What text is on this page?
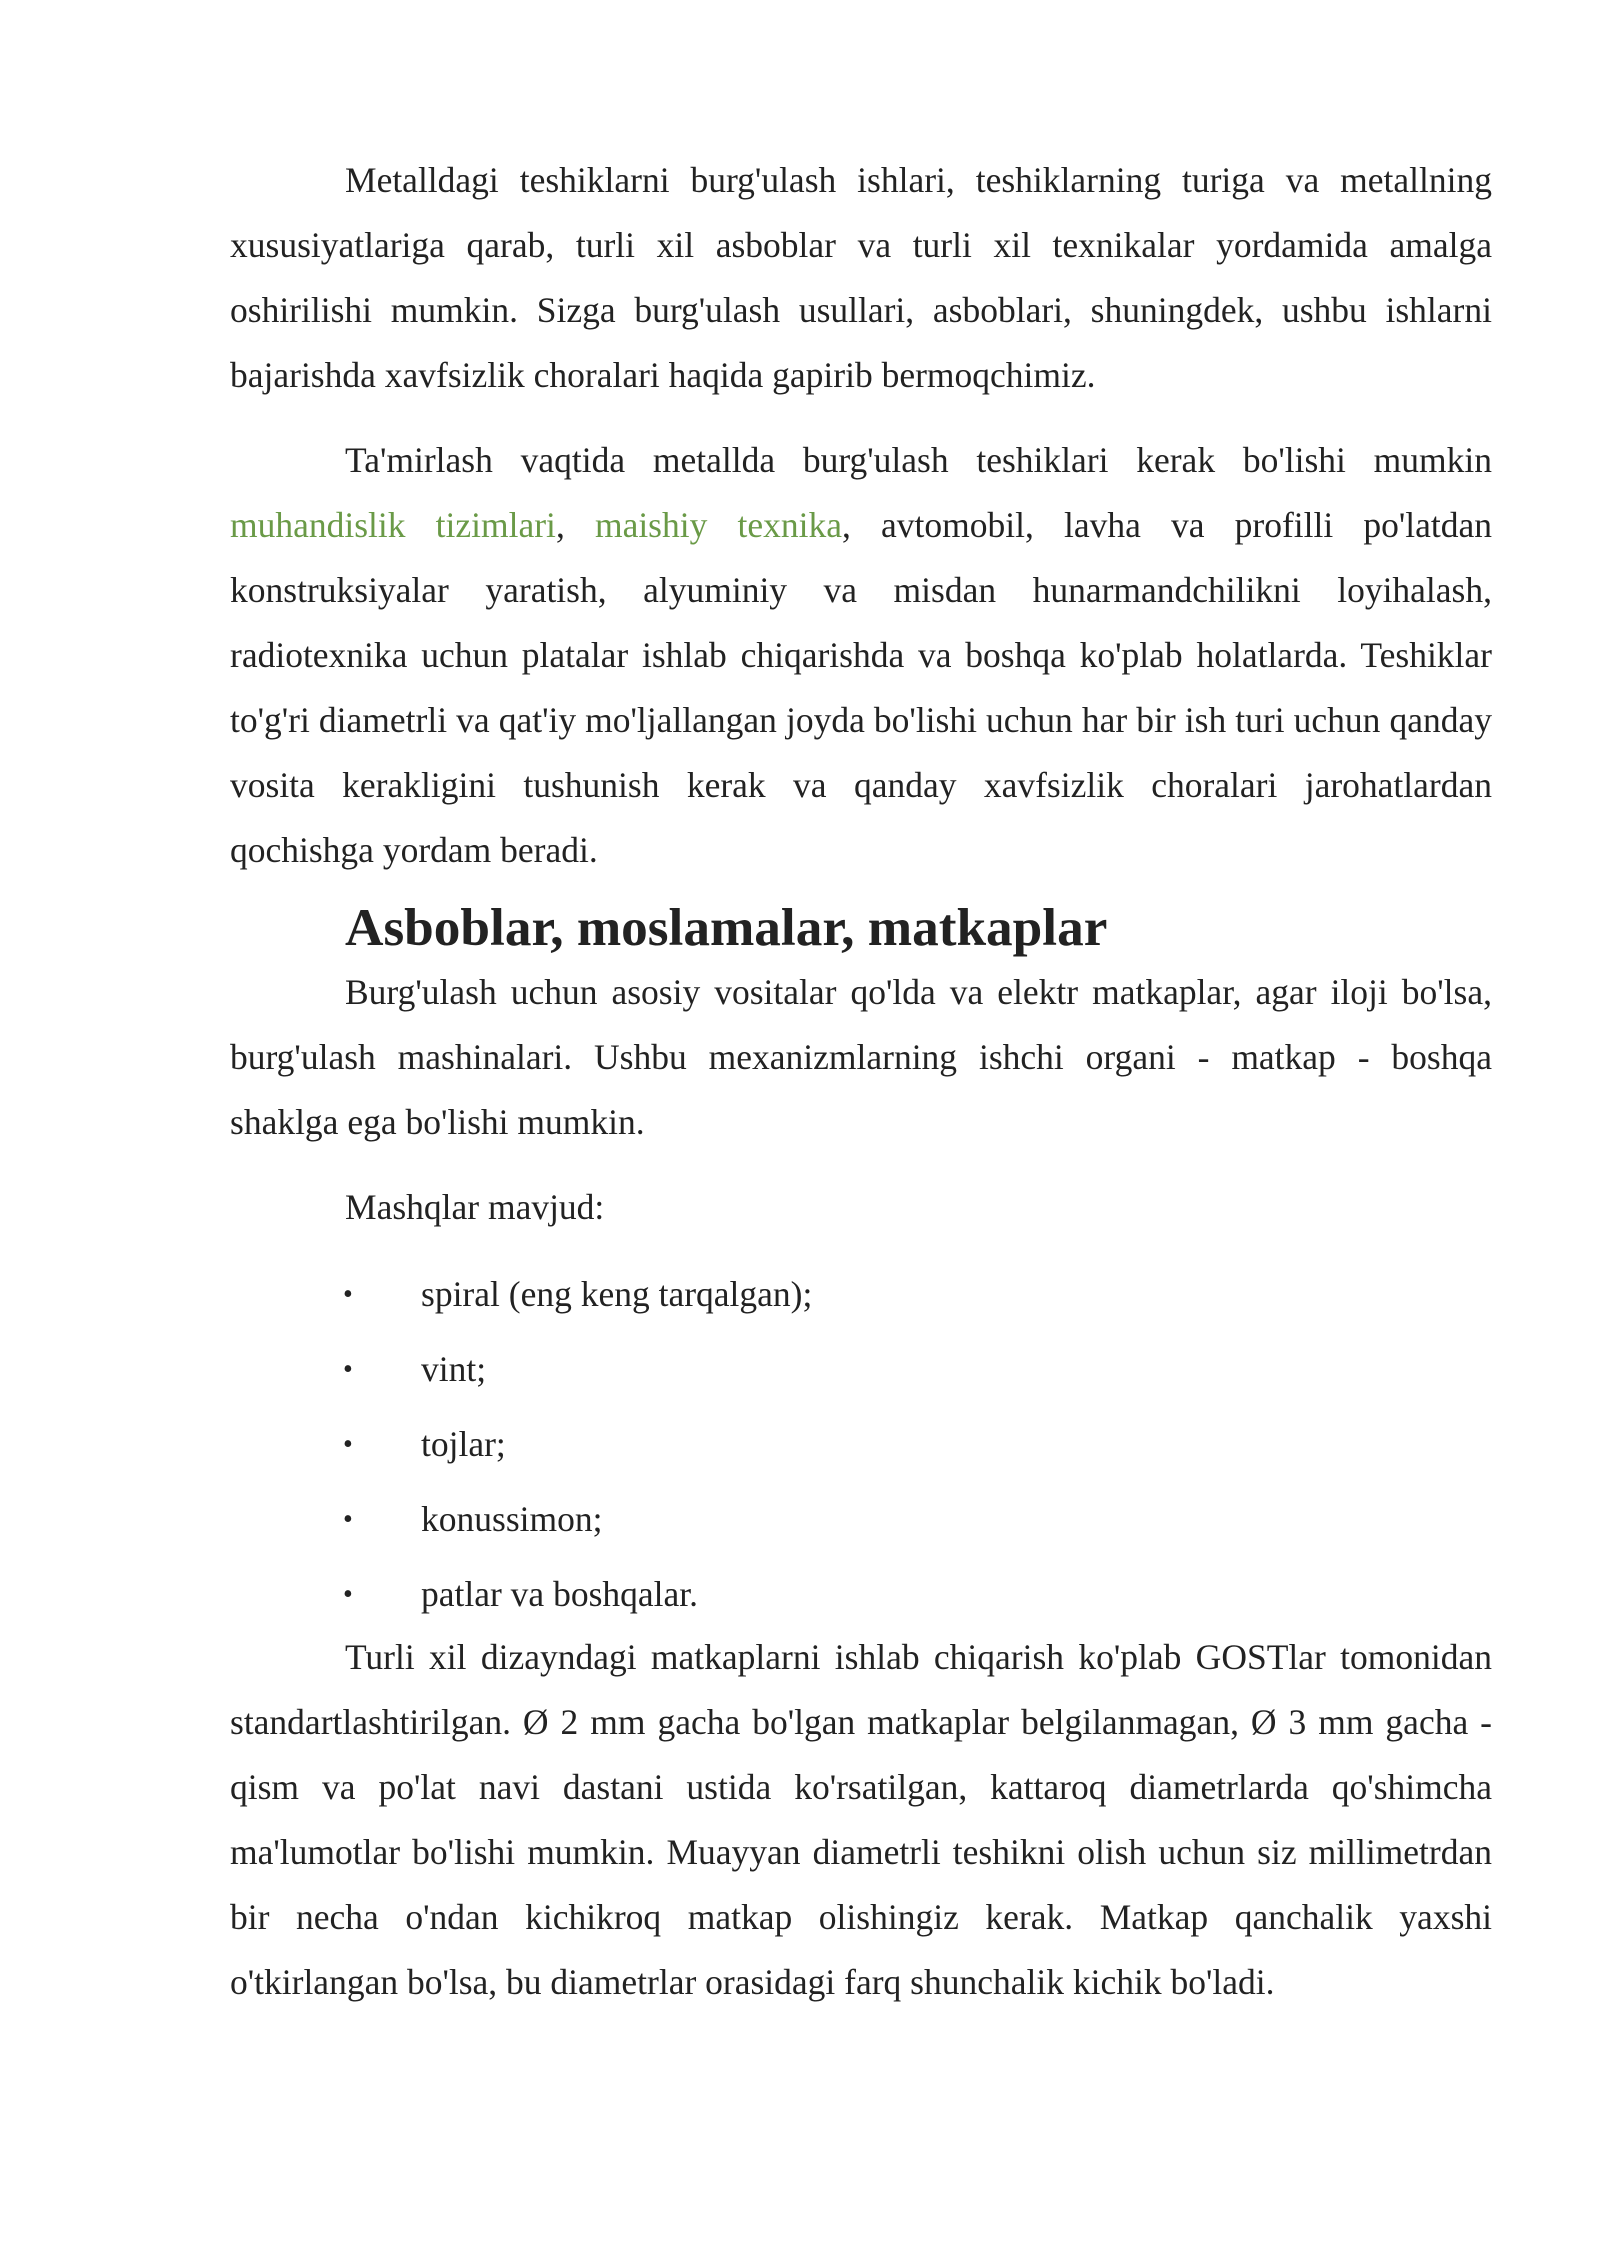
Metalldagi teshiklarni burg'ulash ishlari, teshiklarning turiga va metallning xususiyatlariga qarab, turli xil asboblar va turli xil texnikalar yordamida amalga oshirilishi mumkin. Sizga burg'ulash usullari, asboblari, shuningdek, ushbu ishlarni bajarishda xavfsizlik choralari haqida gapirib bermoqchimiz.

Ta'mirlash vaqtida metallda burg'ulash teshiklari kerak bo'lishi mumkin muhandislik tizimlari, maishiy texnika, avtomobil, lavha va profilli po'latdan konstruksiyalar yaratish, alyuminiy va misdan hunarmandchilikni loyihalash, radiotexnika uchun platalar ishlab chiqarishda va boshqa ko'plab holatlarda. Teshiklar to'g'ri diametrli va qat'iy mo'ljallangan joyda bo'lishi uchun har bir ish turi uchun qanday vosita kerakligini tushunish kerak va qanday xavfsizlik choralari jarohatlardan qochishga yordam beradi.

Asboblar, moslamalar, matkaplar

Burg'ulash uchun asosiy vositalar qo'lda va elektr matkaplar, agar iloji bo'lsa, burg'ulash mashinalari. Ushbu mexanizmlarning ishchi organi - matkap - boshqa shaklga ega bo'lishi mumkin.

Mashqlar mavjud:

• spiral (eng keng tarqalgan);
• vint;
• tojlar;
• konussimon;
• patlar va boshqalar.

Turli xil dizayndagi matkaplarni ishlab chiqarish ko'plab GOSTlar tomonidan standartlashtirilgan. Ø 2 mm gacha bo'lgan matkaplar belgilanmagan, Ø 3 mm gacha - qism va po'lat navi dastani ustida ko'rsatilgan, kattaroq diametrlarda qo'shimcha ma'lumotlar bo'lishi mumkin. Muayyan diametrli teshikni olish uchun siz millimetrdan bir necha o'ndan kichikroq matkap olishingiz kerak. Matkap qanchalik yaxshi o'tkirlangan bo'lsa, bu diametrlar orasidagi farq shunchalik kichik bo'ladi.
